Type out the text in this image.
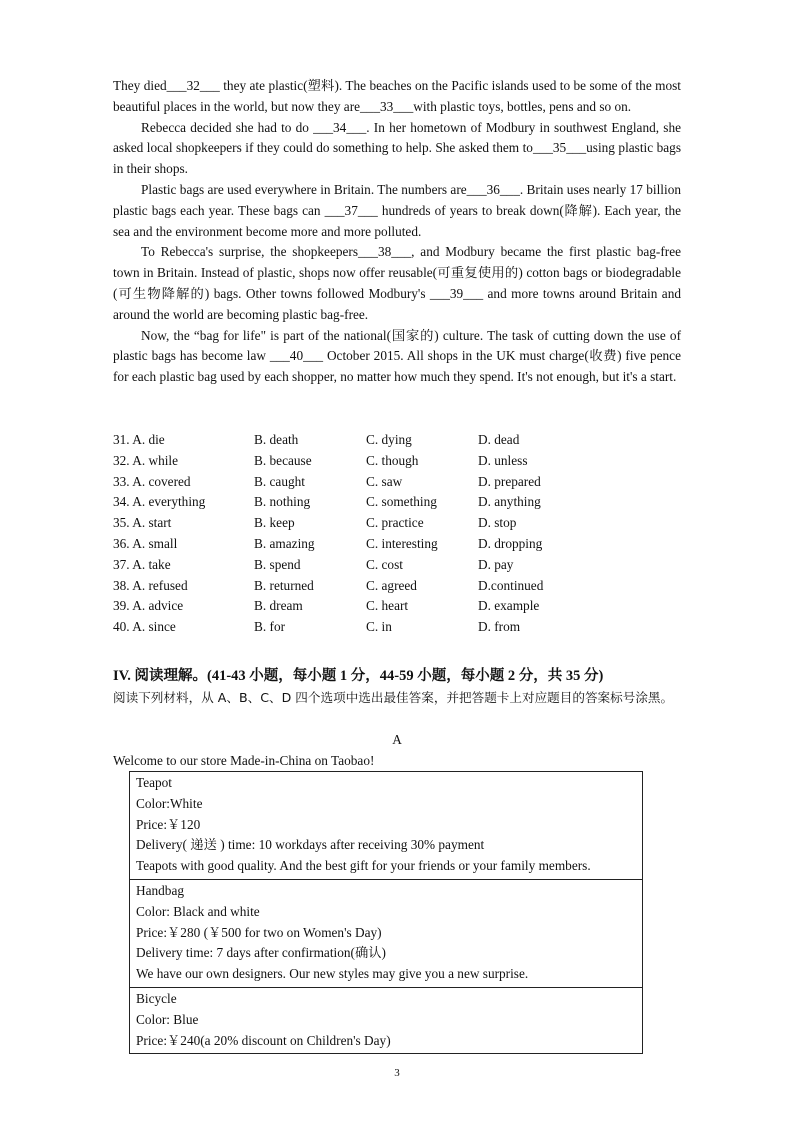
They died___32___ they ate plastic(塑料). The beaches on the Pacific islands used to be some of the most beautiful places in the world, but now they are___33___with plastic toys, bottles, pens and so on.

Rebecca decided she had to do ___34___. In her hometown of Modbury in southwest England, she asked local shopkeepers if they could do something to help. She asked them to___35___using plastic bags in their shops.

Plastic bags are used everywhere in Britain. The numbers are___36___. Britain uses nearly 17 billion plastic bags each year. These bags can ___37___ hundreds of years to break down(降解). Each year, the sea and the environment become more and more polluted.

To Rebecca's surprise, the shopkeepers___38___, and Modbury became the first plastic bag-free town in Britain. Instead of plastic, shops now offer reusable(可重复使用的) cotton bags or biodegradable (可生物降解的) bags. Other towns followed Modbury's ___39___ and more towns around Britain and around the world are becoming plastic bag-free.

Now, the “bag for life" is part of the national(国家的) culture. The task of cutting down the use of plastic bags has become law ___40___ October 2015. All shops in the UK must charge(收费) five pence for each plastic bag used by each shopper, no matter how much they spend. It's not enough, but it's a start.

31. A. die	B. death	C. dying	D. dead
32. A. while	B. because	C. though	D. unless
33. A. covered	B. caught	C. saw	D. prepared
34. A. everything	B. nothing	C. something	D. anything
35. A. start	B. keep	C. practice	D. stop
36. A. small	B. amazing	C. interesting	D. dropping
37. A. take	B. spend	C. cost	D. pay
38. A. refused	B. returned	C. agreed	D.continued
39. A. advice	B. dream	C. heart	D. example
40. A. since	B. for	C. in	D. from
IV. 阅读理解。(41-43 小题，每小题 1 分，44-59 小题，每小题 2 分，共 35 分)
阅读下列材料，从 A、B、C、D 四个选项中选出最佳答案，并把答题卡上对应题目的答案标号涂黑。
A
Welcome to our store Made-in-China on Taobao!
Teapot
Color:White
Price:￥120
Delivery( 递送 ) time: 10 workdays after receiving 30% payment
Teapots with good quality. And the best gift for your friends or your family members.
Handbag
Color: Black and white
Price:￥280 (￥500 for two on Women's Day)
Delivery time: 7 days after confirmation(确认)
We have our own designers. Our new styles may give you a new surprise.
Bicycle
Color: Blue
Price:￥240(a 20% discount on Children's Day)
3
